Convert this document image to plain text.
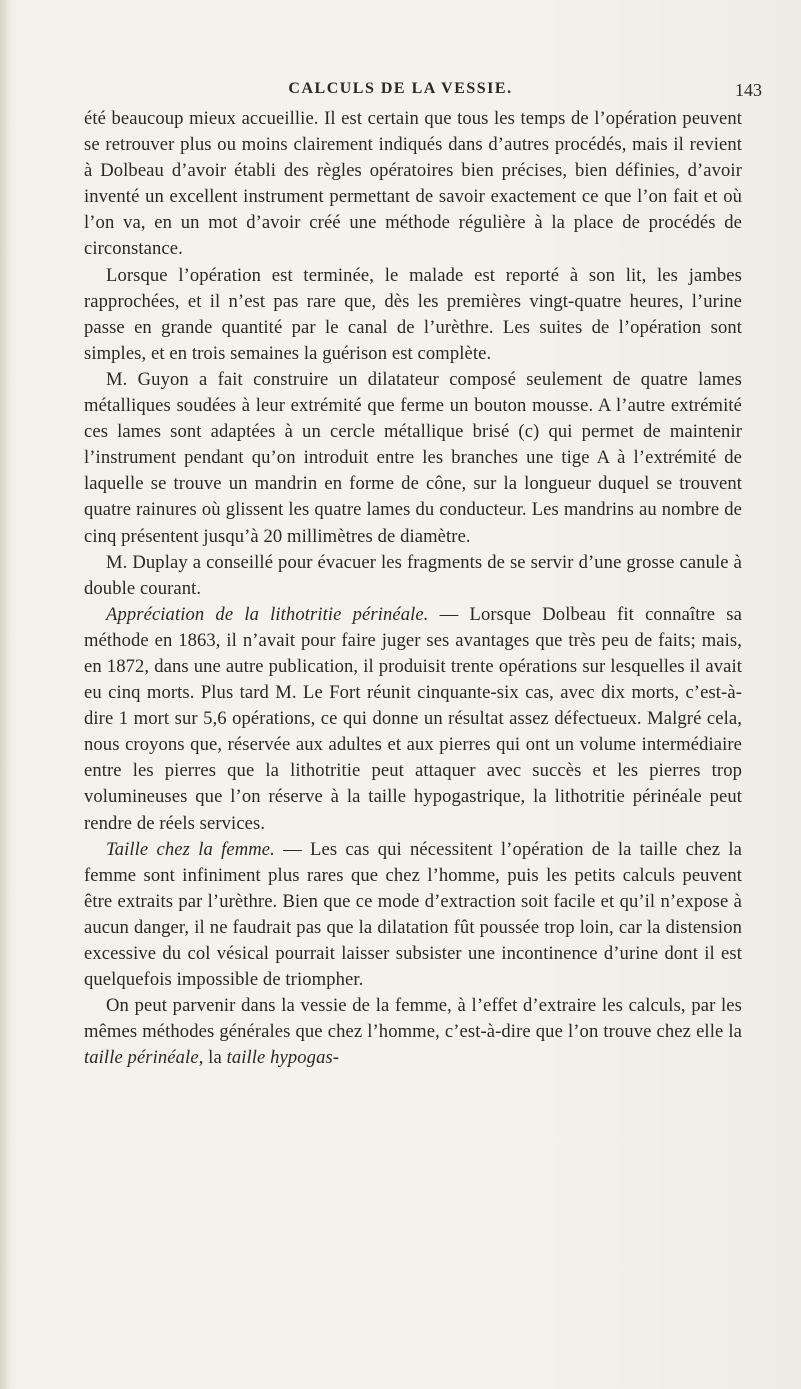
CALCULS DE LA VESSIE.	143

été beaucoup mieux accueillie. Il est certain que tous les temps de l’opération peuvent se retrouver plus ou moins clairement indiqués dans d’autres procédés, mais il revient à Dolbeau d’avoir établi des règles opératoires bien précises, bien définies, d’avoir inventé un excellent instrument permettant de savoir exactement ce que l’on fait et où l’on va, en un mot d’avoir créé une méthode régulière à la place de procédés de circonstance.

Lorsque l’opération est terminée, le malade est reporté à son lit, les jambes rapprochées, et il n’est pas rare que, dès les premières vingt-quatre heures, l’urine passe en grande quantité par le canal de l’urèthre. Les suites de l’opération sont simples, et en trois semaines la guérison est complète.

M. Guyon a fait construire un dilatateur composé seulement de quatre lames métalliques soudées à leur extrémité que ferme un bouton mousse. A l’autre extrémité ces lames sont adaptées à un cercle métallique brisé (c) qui permet de maintenir l’instrument pendant qu’on introduit entre les branches une tige A à l’extrémité de laquelle se trouve un mandrin en forme de cône, sur la longueur duquel se trouvent quatre rainures où glissent les quatre lames du conducteur. Les mandrins au nombre de cinq présentent jusqu’à 20 millimètres de diamètre.

M. Duplay a conseillé pour évacuer les fragments de se servir d’une grosse canule à double courant.

Appréciation de la lithotritie périnéale. — Lorsque Dolbeau fit connaître sa méthode en 1863, il n’avait pour faire juger ses avantages que très peu de faits; mais, en 1872, dans une autre publication, il produisit trente opérations sur lesquelles il avait eu cinq morts. Plus tard M. Le Fort réunit cinquante-six cas, avec dix morts, c’est-à-dire 1 mort sur 5,6 opérations, ce qui donne un résultat assez défectueux. Malgré cela, nous croyons que, réservée aux adultes et aux pierres qui ont un volume intermédiaire entre les pierres que la lithotritie peut attaquer avec succès et les pierres trop volumineuses que l’on réserve à la taille hypogastrique, la lithotritie périnéale peut rendre de réels services.

Taille chez la femme. — Les cas qui nécessitent l’opération de la taille chez la femme sont infiniment plus rares que chez l’homme, puis les petits calculs peuvent être extraits par l’urèthre. Bien que ce mode d’extraction soit facile et qu’il n’expose à aucun danger, il ne faudrait pas que la dilatation fût poussée trop loin, car la distension excessive du col vésical pourrait laisser subsister une incontinence d’urine dont il est quelquefois impossible de triompher.

On peut parvenir dans la vessie de la femme, à l’effet d’extraire les calculs, par les mêmes méthodes générales que chez l’homme, c’est-à-dire que l’on trouve chez elle la taille périnéale, la taille hypogas-
